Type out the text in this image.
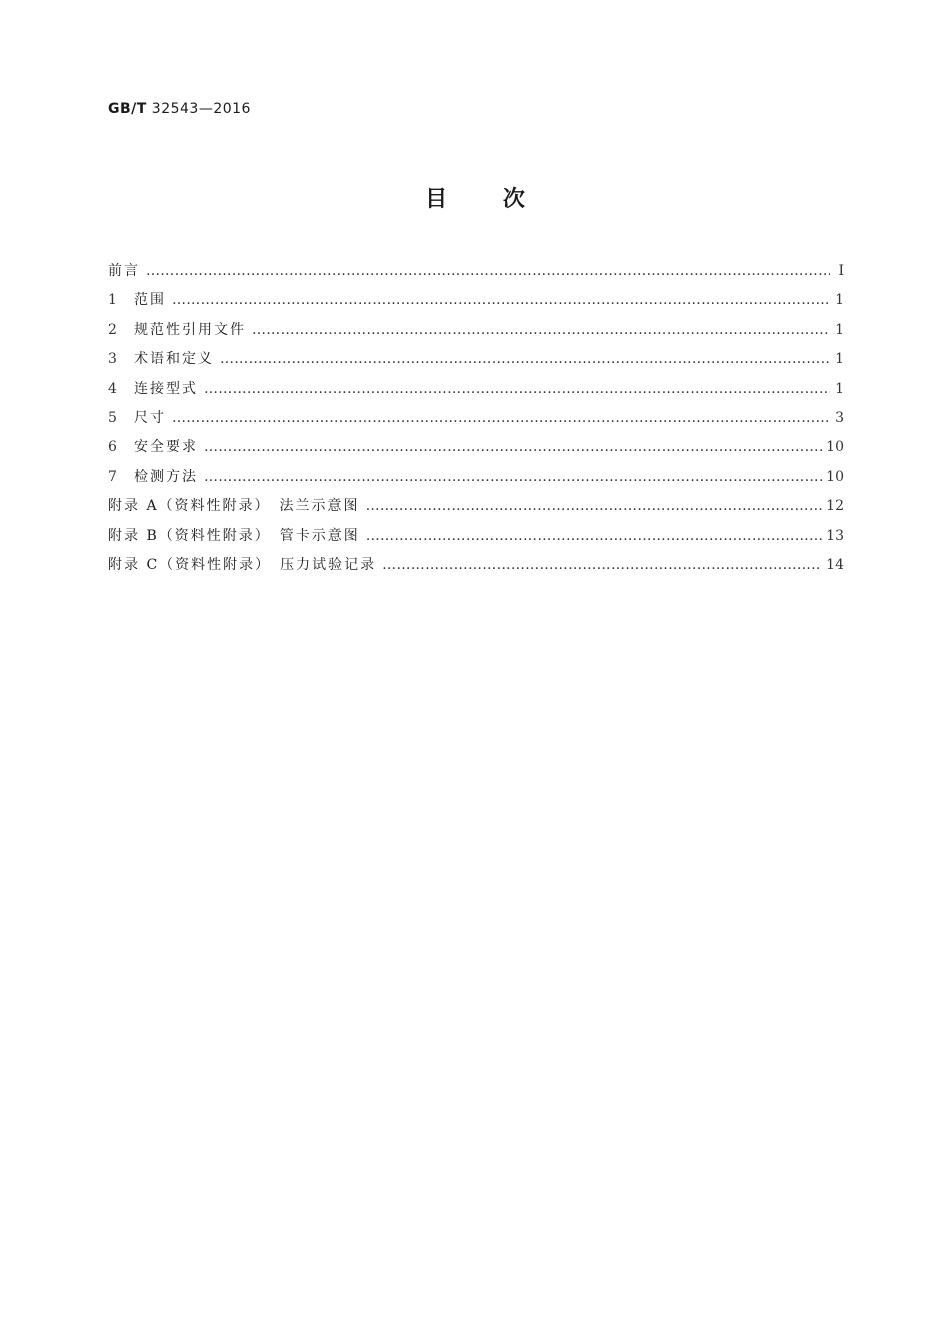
GB/T 32543—2016
目	次
前言 ………………………………………………………………………………………………………………………………………………………………………………………………………………	Ⅰ
1	范围 ………………………………………………………………………………………………………………………………………………………………………………………………………………	1
2	规范性引用文件 ………………………………………………………………………………………………………………………………………………………………………………………………………………	1
3	术语和定义 ………………………………………………………………………………………………………………………………………………………………………………………………………………	1
4	连接型式 ………………………………………………………………………………………………………………………………………………………………………………………………………………	1
5	尺寸 ………………………………………………………………………………………………………………………………………………………………………………………………………………	3
6	安全要求 ………………………………………………………………………………………………………………………………………………………………………………………………………………	10
7	检测方法 ………………………………………………………………………………………………………………………………………………………………………………………………………………	10
附录 A（资料性附录）　法兰示意图 ………………………………………………………………………………………………………………………………………………………………………………………………………………	12
附录 B（资料性附录）　管卡示意图 ………………………………………………………………………………………………………………………………………………………………………………………………………………	13
附录 C（资料性附录）　压力试验记录 ………………………………………………………………………………………………………………………………………………………………………………………………………………	14
